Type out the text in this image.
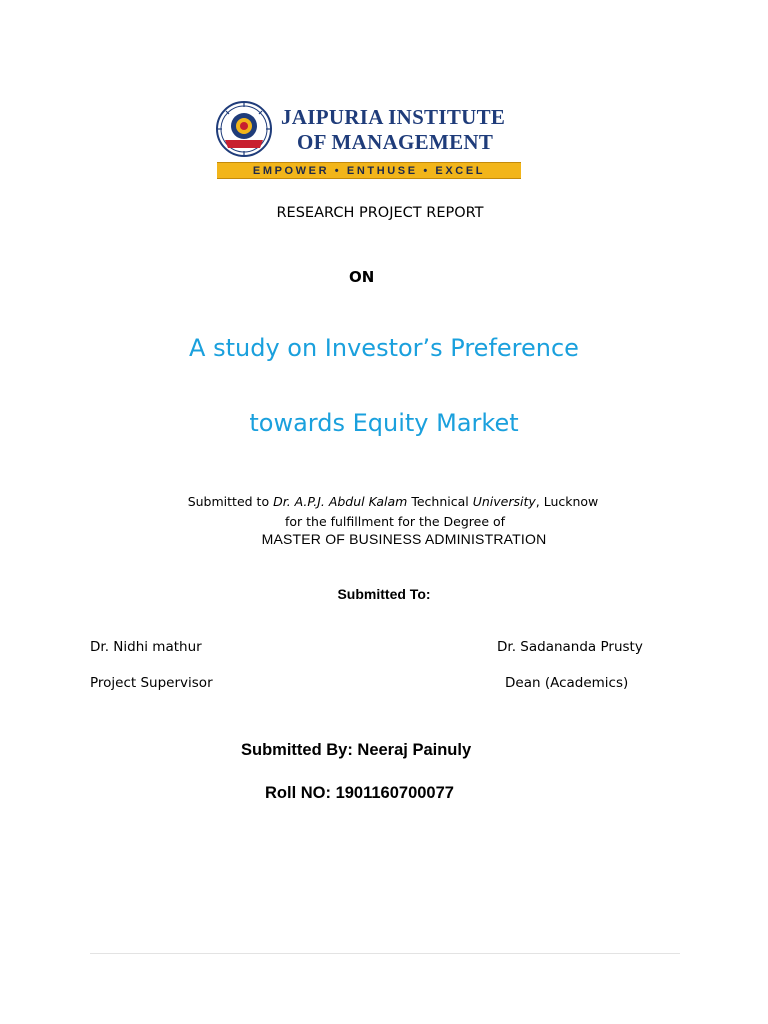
JAIPURIA INSTITUTE
OF MANAGEMENT
EMPOWER • ENTHUSE • EXCEL
RESEARCH PROJECT REPORT
ON
A study on Investor’s Preference
towards Equity Market
Submitted to Dr. A.P.J. Abdul Kalam Technical University, Lucknow
for the fulfillment for the Degree of
MASTER OF BUSINESS ADMINISTRATION
Submitted To:
Dr. Nidhi mathur
Project Supervisor
Dr. Sadananda Prusty
Dean (Academics)
Submitted By: Neeraj Painuly
Roll NO: 1901160700077
